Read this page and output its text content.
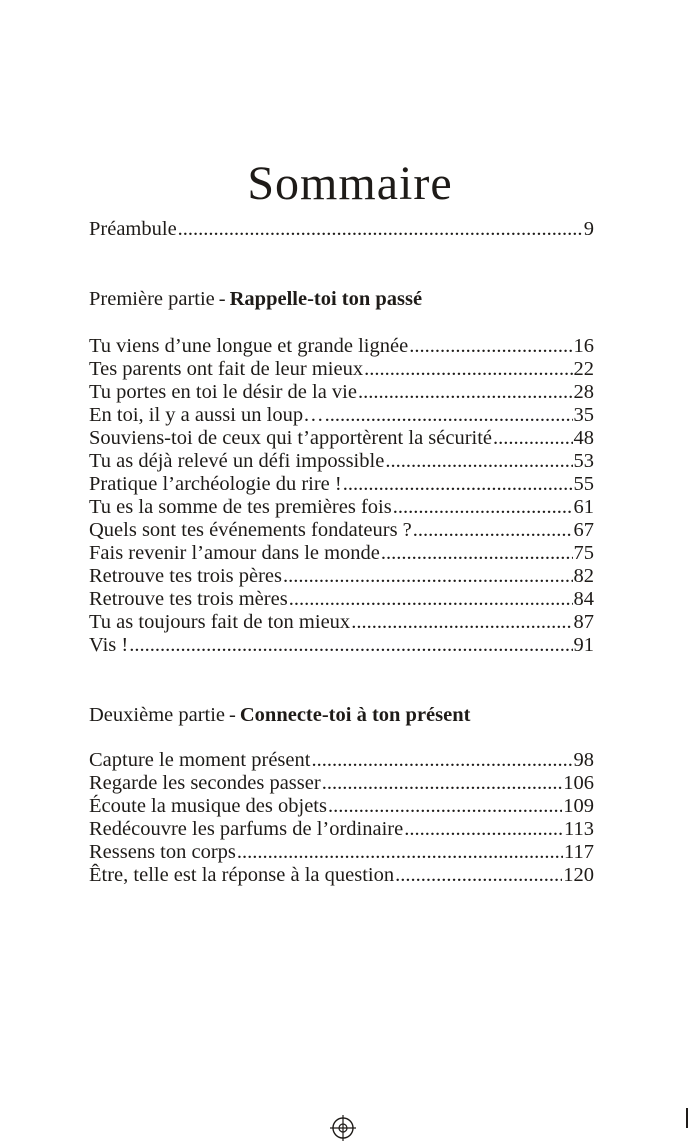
Sommaire
Préambule .....	9
Première partie - Rappelle-toi ton passé
Tu viens d’une longue et grande lignée .....	16
Tes parents ont fait de leur mieux .....	22
Tu portes en toi le désir de la vie .....	28
En toi, il y a aussi un loup… .....	35
Souviens-toi de ceux qui t’apportèrent la sécurité .....	48
Tu as déjà relevé un défi impossible .....	53
Pratique l’archéologie du rire ! .....	55
Tu es la somme de tes premières fois .....	61
Quels sont tes événements fondateurs ? .....	67
Fais revenir l’amour dans le monde .....	75
Retrouve tes trois pères .....	82
Retrouve tes trois mères .....	84
Tu as toujours fait de ton mieux .....	87
Vis ! .....	91
Deuxième partie - Connecte-toi à ton présent
Capture le moment présent .....	98
Regarde les secondes passer .....	106
Écoute la musique des objets .....	109
Redécouvre les parfums de l’ordinaire .....	113
Ressens ton corps .....	117
Être, telle est la réponse à la question .....	120
